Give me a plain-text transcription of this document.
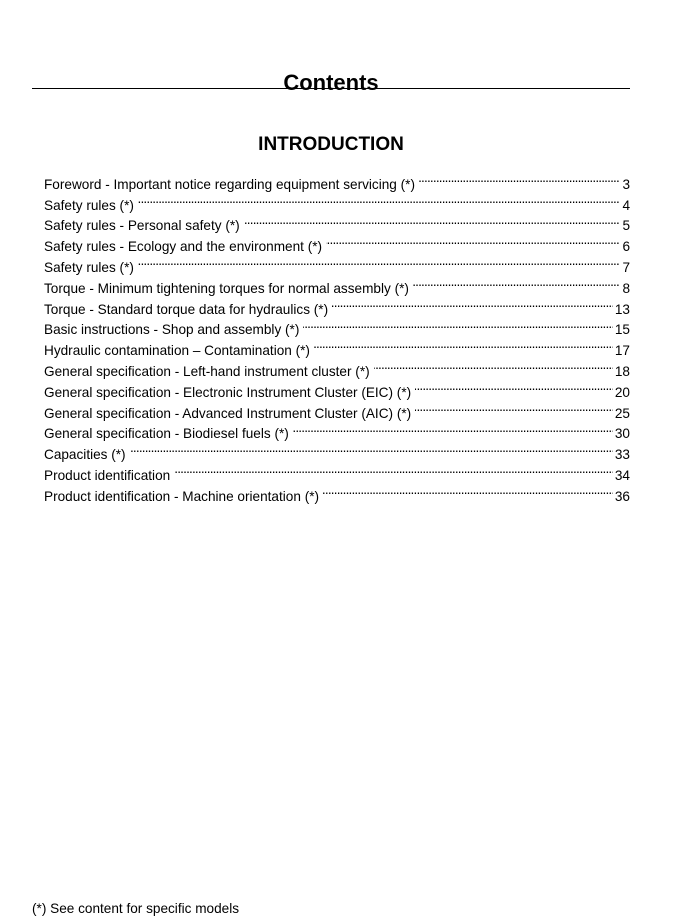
Contents
INTRODUCTION
Foreword - Important notice regarding equipment servicing (*) . . .	3
Safety rules (*) . . .	4
Safety rules - Personal safety (*) . . .	5
Safety rules - Ecology and the environment (*) . . .	6
Safety rules (*) . . .	7
Torque - Minimum tightening torques for normal assembly (*) . . .	8
Torque - Standard torque data for hydraulics (*) . . .	13
Basic instructions - Shop and assembly (*) . . .	15
Hydraulic contamination – Contamination (*) . . .	17
General specification - Left-hand instrument cluster (*) . . .	18
General specification - Electronic Instrument Cluster (EIC) (*) . . .	20
General specification - Advanced Instrument Cluster (AIC) (*) . . .	25
General specification - Biodiesel fuels (*) . . .	30
Capacities (*) . . .	33
Product identification . . .	34
Product identification - Machine orientation (*) . . .	36
(*) See content for specific models
